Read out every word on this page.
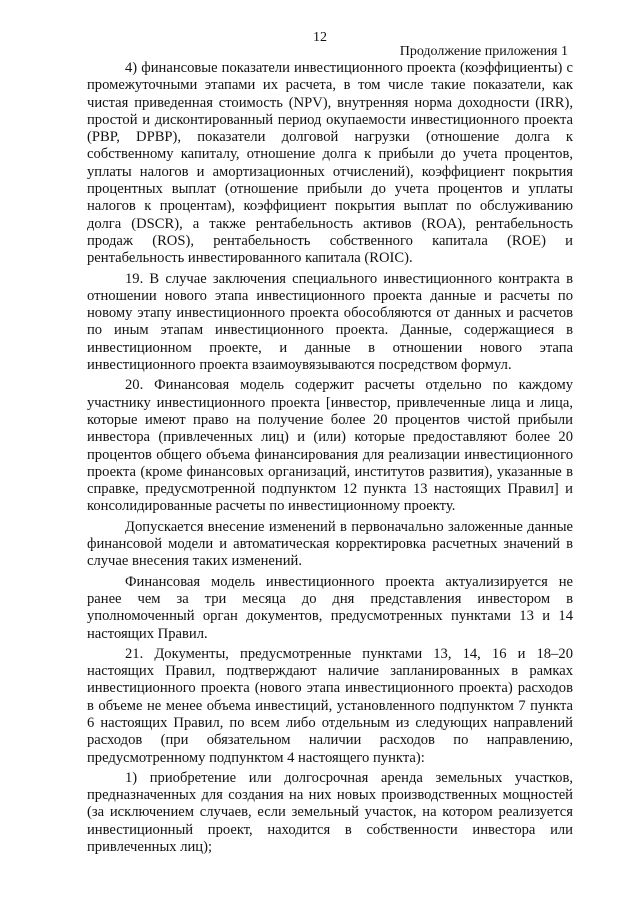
12
Продолжение приложения 1

4) финансовые показатели инвестиционного проекта (коэффициенты) с промежуточными этапами их расчета, в том числе такие показатели, как чистая приведенная стоимость (NPV), внутренняя норма доходности (IRR), простой и дисконтированный период окупаемости инвестиционного проекта (PBP, DPBP), показатели долговой нагрузки (отношение долга к собственному капиталу, отношение долга к прибыли до учета процентов, уплаты налогов и амортизационных отчислений), коэффициент покрытия процентных выплат (отношение прибыли до учета процентов и уплаты налогов к процентам), коэффициент покрытия выплат по обслуживанию долга (DSCR), а также рентабельность активов (ROA), рентабельность продаж (ROS), рентабельность собственного капитала (ROE) и рентабельность инвестированного капитала (ROIC).

19. В случае заключения специального инвестиционного контракта в отношении нового этапа инвестиционного проекта данные и расчеты по новому этапу инвестиционного проекта обособляются от данных и расчетов по иным этапам инвестиционного проекта. Данные, содержащиеся в инвестиционном проекте, и данные в отношении нового этапа инвестиционного проекта взаимоувязываются посредством формул.

20. Финансовая модель содержит расчеты отдельно по каждому участнику инвестиционного проекта [инвестор, привлеченные лица и лица, которые имеют право на получение более 20 процентов чистой прибыли инвестора (привлеченных лиц) и (или) которые предоставляют более 20 процентов общего объема финансирования для реализации инвестиционного проекта (кроме финансовых организаций, институтов развития), указанные в справке, предусмотренной подпунктом 12 пункта 13 настоящих Правил] и консолидированные расчеты по инвестиционному проекту.

Допускается внесение изменений в первоначально заложенные данные финансовой модели и автоматическая корректировка расчетных значений в случае внесения таких изменений.

Финансовая модель инвестиционного проекта актуализируется не ранее чем за три месяца до дня представления инвестором в уполномоченный орган документов, предусмотренных пунктами 13 и 14 настоящих Правил.

21. Документы, предусмотренные пунктами 13, 14, 16 и 18–20 настоящих Правил, подтверждают наличие запланированных в рамках инвестиционного проекта (нового этапа инвестиционного проекта) расходов в объеме не менее объема инвестиций, установленного подпунктом 7 пункта 6 настоящих Правил, по всем либо отдельным из следующих направлений расходов (при обязательном наличии расходов по направлению, предусмотренному подпунктом 4 настоящего пункта):

1) приобретение или долгосрочная аренда земельных участков, предназначенных для создания на них новых производственных мощностей (за исключением случаев, если земельный участок, на котором реализуется инвестиционный проект, находится в собственности инвестора или привлеченных лиц);
